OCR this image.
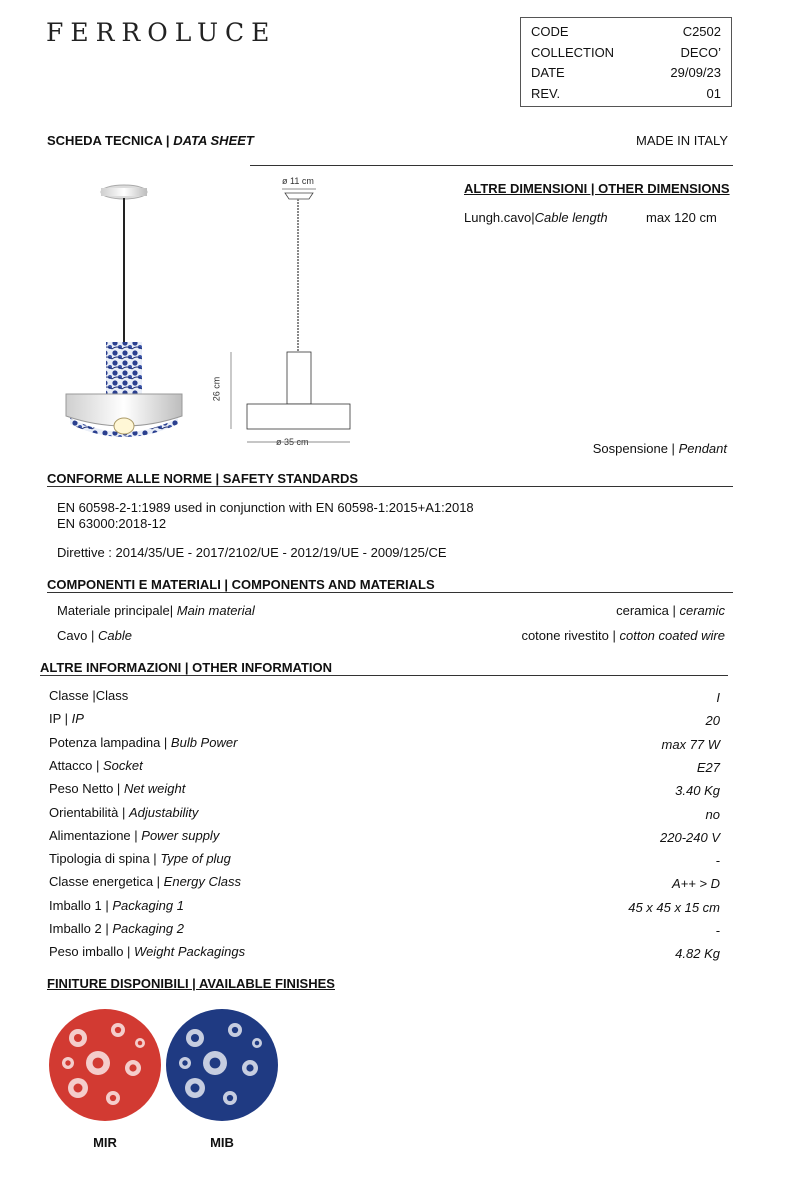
FERROLUCE	CODE	C2502
COLLECTION	DECO’
DATE	29/09/23
REV.	01
SCHEDA TECNICA | DATA SHEET	MADE IN ITALY
ø 11 cm
ø 35 cm
26 cm
ALTRE DIMENSIONI | OTHER DIMENSIONS
Lungh.cavo|Cable length	max 120 cm
Sospensione | Pendant
CONFORME ALLE NORME | SAFETY STANDARDS
EN 60598-2-1:1989 used in conjunction with EN 60598-1:2015+A1:2018
EN 63000:2018-12
Direttive : 2014/35/UE - 2017/2102/UE - 2012/19/UE - 2009/125/CE
COMPONENTI E MATERIALI | COMPONENTS AND MATERIALS
Materiale principale| Main material	ceramica | ceramic
Cavo | Cable	cotone rivestito | cotton coated wire
ALTRE INFORMAZIONI | OTHER INFORMATION
Classe |Class	I
IP | IP	20
Potenza lampadina | Bulb Power	max 77 W
Attacco | Socket	E27
Peso Netto | Net weight	3.40 Kg
Orientabilità | Adjustability	no
Alimentazione | Power supply	220-240 V
Tipologia di spina | Type of plug	-
Classe energetica | Energy Class	A++ > D
Imballo 1 | Packaging 1	45 x 45 x 15 cm
Imballo 2 | Packaging 2	-
Peso imballo | Weight Packagings	4.82 Kg
FINITURE DISPONIBILI | AVAILABLE FINISHES
MIR	MIB
